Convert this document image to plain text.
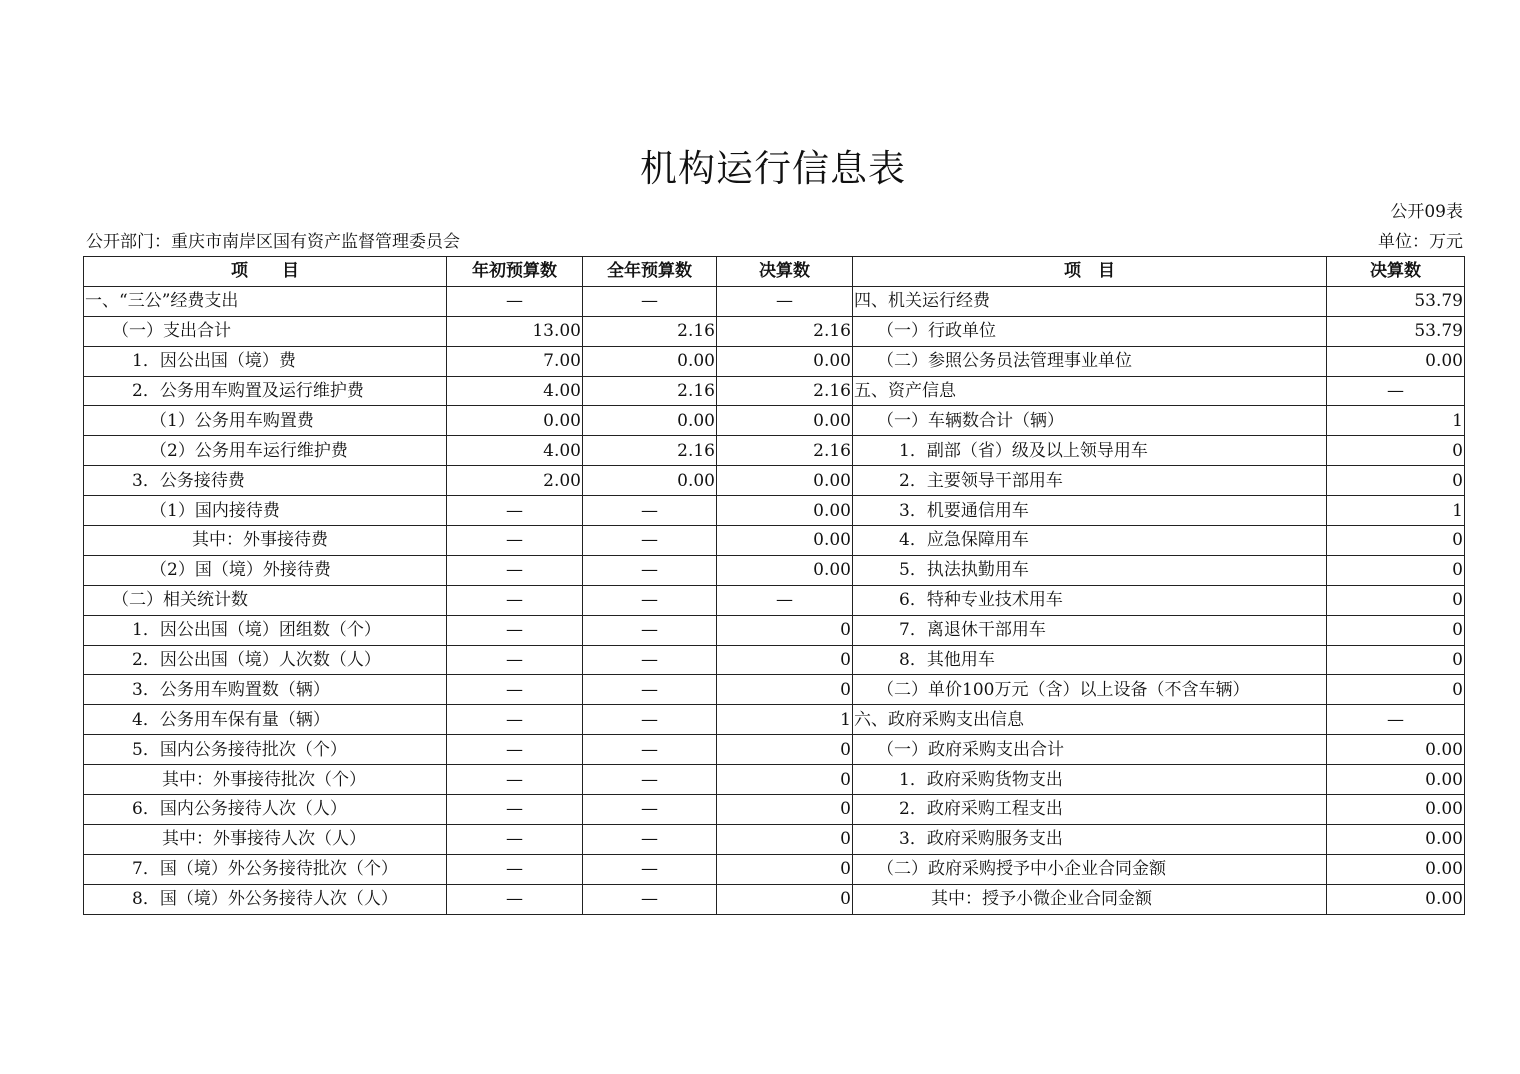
机构运行信息表
公开09表
公开部门：重庆市南岸区国有资产监督管理委员会	单位：万元
项　　目	年初预算数	全年预算数	决算数	项　目	决算数
一、“三公”经费支出	—	—	—	四、机关运行经费	53.79
（一）支出合计	13.00	2.16	2.16	（一）行政单位	53.79
1．因公出国（境）费	7.00	0.00	0.00	（二）参照公务员法管理事业单位	0.00
2．公务用车购置及运行维护费	4.00	2.16	2.16	五、资产信息	—
（1）公务用车购置费	0.00	0.00	0.00	（一）车辆数合计（辆）	1
（2）公务用车运行维护费	4.00	2.16	2.16	1．副部（省）级及以上领导用车	0
3．公务接待费	2.00	0.00	0.00	2．主要领导干部用车	0
（1）国内接待费	—	—	0.00	3．机要通信用车	1
其中：外事接待费	—	—	0.00	4．应急保障用车	0
（2）国（境）外接待费	—	—	0.00	5．执法执勤用车	0
（二）相关统计数	—	—	—	6．特种专业技术用车	0
1．因公出国（境）团组数（个）	—	—	0	7．离退休干部用车	0
2．因公出国（境）人次数（人）	—	—	0	8．其他用车	0
3．公务用车购置数（辆）	—	—	0	（二）单价100万元（含）以上设备（不含车辆）	0
4．公务用车保有量（辆）	—	—	1	六、政府采购支出信息	—
5．国内公务接待批次（个）	—	—	0	（一）政府采购支出合计	0.00
其中：外事接待批次（个）	—	—	0	1．政府采购货物支出	0.00
6．国内公务接待人次（人）	—	—	0	2．政府采购工程支出	0.00
其中：外事接待人次（人）	—	—	0	3．政府采购服务支出	0.00
7．国（境）外公务接待批次（个）	—	—	0	（二）政府采购授予中小企业合同金额	0.00
8．国（境）外公务接待人次（人）	—	—	0	其中：授予小微企业合同金额	0.00
